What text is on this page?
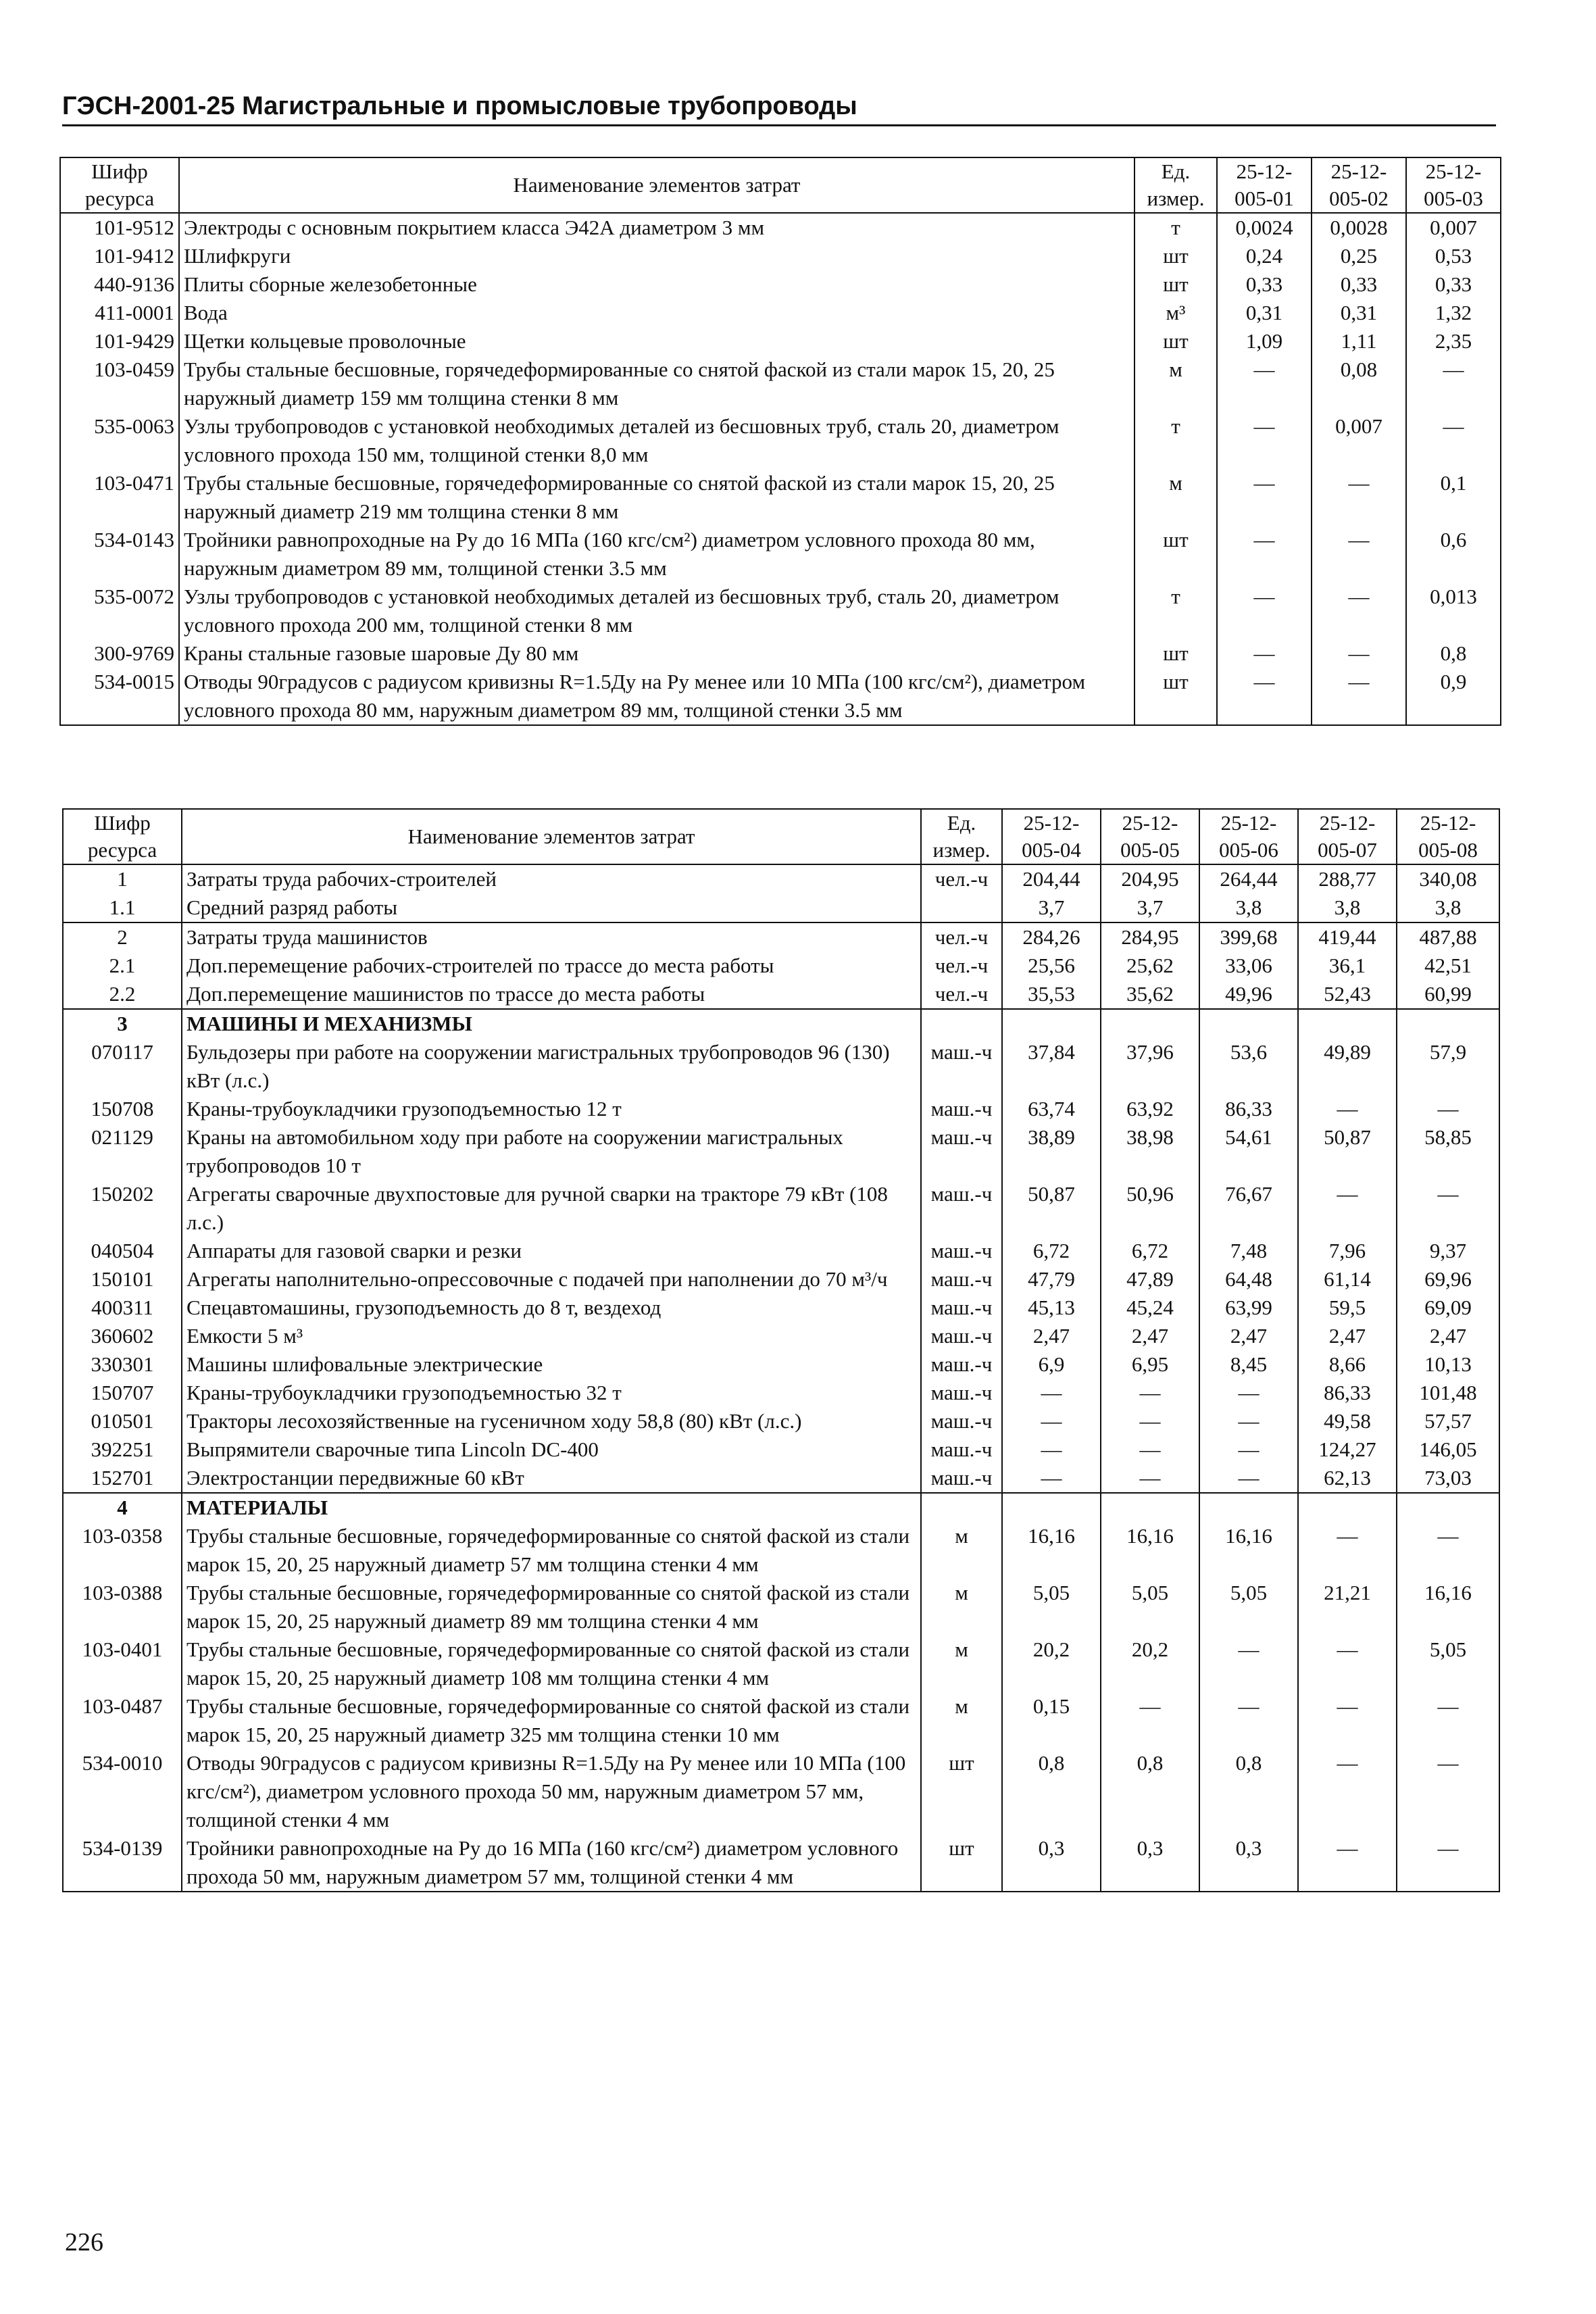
ГЭСН-2001-25 Магистральные и промысловые трубопроводы
Шифр ресурса	Наименование элементов затрат	Ед. измер.	25-12-005-01	25-12-005-02	25-12-005-03
101-9512	Электроды с основным покрытием класса Э42А диаметром 3 мм	т	0,0024	0,0028	0,007
101-9412	Шлифкруги	шт	0,24	0,25	0,53
440-9136	Плиты сборные железобетонные	шт	0,33	0,33	0,33
411-0001	Вода	м³	0,31	0,31	1,32
101-9429	Щетки кольцевые проволочные	шт	1,09	1,11	2,35
103-0459	Трубы стальные бесшовные, горячедеформированные со снятой фаской из стали марок 15, 20, 25 наружный диаметр 159 мм толщина стенки 8 мм	м	—	0,08	—
535-0063	Узлы трубопроводов с установкой необходимых деталей из бесшовных труб, сталь 20, диаметром условного прохода 150 мм, толщиной стенки 8,0 мм	т	—	0,007	—
103-0471	Трубы стальные бесшовные, горячедеформированные со снятой фаской из стали марок 15, 20, 25 наружный диаметр 219 мм толщина стенки 8 мм	м	—	—	0,1
534-0143	Тройники равнопроходные на Ру до 16 МПа (160 кгс/см²) диаметром условного прохода 80 мм, наружным диаметром 89 мм, толщиной стенки 3.5 мм	шт	—	—	0,6
535-0072	Узлы трубопроводов с установкой необходимых деталей из бесшовных труб, сталь 20, диаметром условного прохода 200 мм, толщиной стенки 8 мм	т	—	—	0,013
300-9769	Краны стальные газовые шаровые Ду 80 мм	шт	—	—	0,8
534-0015	Отводы 90градусов с радиусом кривизны R=1.5Ду на Ру менее или 10 МПа (100 кгс/см²), диаметром условного прохода 80 мм, наружным диаметром 89 мм, толщиной стенки 3.5 мм	шт	—	—	0,9
Шифр ресурса	Наименование элементов затрат	Ед. измер.	25-12-005-04	25-12-005-05	25-12-005-06	25-12-005-07	25-12-005-08
1	Затраты труда рабочих-строителей	чел.-ч	204,44	204,95	264,44	288,77	340,08
1.1	Средний разряд работы		3,7	3,7	3,8	3,8	3,8
2	Затраты труда машинистов	чел.-ч	284,26	284,95	399,68	419,44	487,88
2.1	Доп.перемещение рабочих-строителей по трассе до места работы	чел.-ч	25,56	25,62	33,06	36,1	42,51
2.2	Доп.перемещение машинистов по трассе до места работы	чел.-ч	35,53	35,62	49,96	52,43	60,99
3	МАШИНЫ И МЕХАНИЗМЫ						
070117	Бульдозеры при работе на сооружении магистральных трубопроводов 96 (130) кВт (л.с.)	маш.-ч	37,84	37,96	53,6	49,89	57,9
150708	Краны-трубоукладчики грузоподъемностью 12 т	маш.-ч	63,74	63,92	86,33	—	—
021129	Краны на автомобильном ходу при работе на сооружении магистральных трубопроводов 10 т	маш.-ч	38,89	38,98	54,61	50,87	58,85
150202	Агрегаты сварочные двухпостовые для ручной сварки на тракторе 79 кВт (108 л.с.)	маш.-ч	50,87	50,96	76,67	—	—
040504	Аппараты для газовой сварки и резки	маш.-ч	6,72	6,72	7,48	7,96	9,37
150101	Агрегаты наполнительно-опрессовочные с подачей при наполнении до 70 м³/ч	маш.-ч	47,79	47,89	64,48	61,14	69,96
400311	Спецавтомашины, грузоподъемность до 8 т, вездеход	маш.-ч	45,13	45,24	63,99	59,5	69,09
360602	Емкости 5 м³	маш.-ч	2,47	2,47	2,47	2,47	2,47
330301	Машины шлифовальные электрические	маш.-ч	6,9	6,95	8,45	8,66	10,13
150707	Краны-трубоукладчики грузоподъемностью 32 т	маш.-ч	—	—	—	86,33	101,48
010501	Тракторы лесохозяйственные на гусеничном ходу 58,8 (80) кВт (л.с.)	маш.-ч	—	—	—	49,58	57,57
392251	Выпрямители сварочные типа Lincoln DC-400	маш.-ч	—	—	—	124,27	146,05
152701	Электростанции передвижные 60 кВт	маш.-ч	—	—	—	62,13	73,03
4	МАТЕРИАЛЫ						
103-0358	Трубы стальные бесшовные, горячедеформированные со снятой фаской из стали марок 15, 20, 25 наружный диаметр 57 мм толщина стенки 4 мм	м	16,16	16,16	16,16	—	—
103-0388	Трубы стальные бесшовные, горячедеформированные со снятой фаской из стали марок 15, 20, 25 наружный диаметр 89 мм толщина стенки 4 мм	м	5,05	5,05	5,05	21,21	16,16
103-0401	Трубы стальные бесшовные, горячедеформированные со снятой фаской из стали марок 15, 20, 25 наружный диаметр 108 мм толщина стенки 4 мм	м	20,2	20,2	—	—	5,05
103-0487	Трубы стальные бесшовные, горячедеформированные со снятой фаской из стали марок 15, 20, 25 наружный диаметр 325 мм толщина стенки 10 мм	м	0,15	—	—	—	—
534-0010	Отводы 90градусов с радиусом кривизны R=1.5Ду на Ру менее или 10 МПа (100 кгс/см²), диаметром условного прохода 50 мм, наружным диаметром 57 мм, толщиной стенки 4 мм	шт	0,8	0,8	0,8	—	—
534-0139	Тройники равнопроходные на Ру до 16 МПа (160 кгс/см²) диаметром условного прохода 50 мм, наружным диаметром 57 мм, толщиной стенки 4 мм	шт	0,3	0,3	0,3	—	—
226
